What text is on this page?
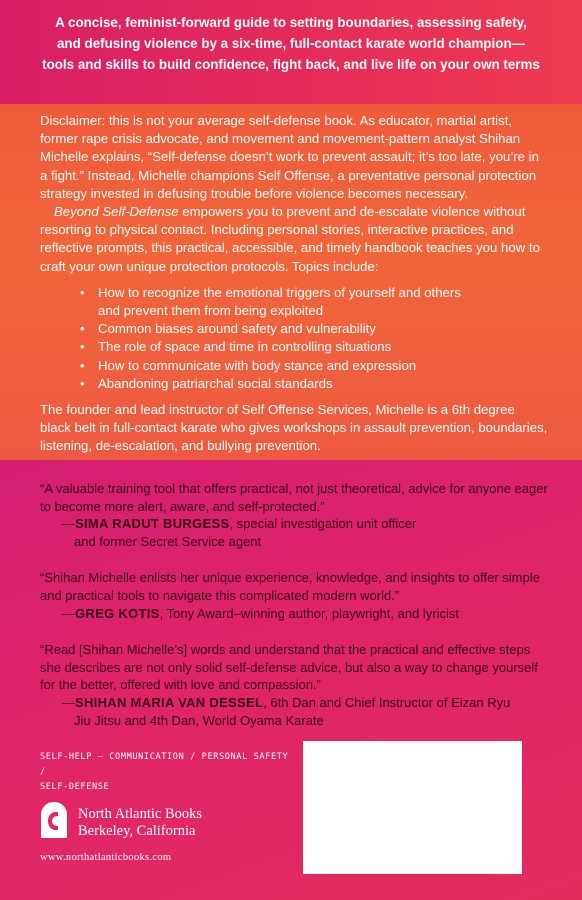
A concise, feminist-forward guide to setting boundaries, assessing safety,
and defusing violence by a six-time, full-contact karate world champion—
tools and skills to build confidence, fight back, and live life on your own terms

Disclaimer: this is not your average self-defense book. As educator, martial artist, former rape crisis advocate, and movement and movement-pattern analyst Shihan Michelle explains, “Self-defense doesn’t work to prevent assault; it’s too late, you’re in a fight.” Instead, Michelle champions Self Offense, a preventative personal protection strategy invested in defusing trouble before violence becomes necessary.

Beyond Self-Defense empowers you to prevent and de-escalate violence without resorting to physical contact. Including personal stories, interactive practices, and reflective prompts, this practical, accessible, and timely handbook teaches you how to craft your own unique protection protocols. Topics include:

• How to recognize the emotional triggers of yourself and others
and prevent them from being exploited
• Common biases around safety and vulnerability
• The role of space and time in controlling situations
• How to communicate with body stance and expression
• Abandoning patriarchal social standards

The founder and lead instructor of Self Offense Services, Michelle is a 6th degree black belt in full-contact karate who gives workshops in assault prevention, boundaries, listening, de-escalation, and bullying prevention.

“A valuable training tool that offers practical, not just theoretical, advice for anyone eager to become more alert, aware, and self-protected.”
—SIMA RADUT BURGESS, special investigation unit officer
and former Secret Service agent
“Shihan Michelle enlists her unique experience, knowledge, and insights to offer simple and practical tools to navigate this complicated modern world.”
—GREG KOTIS, Tony Award–winning author, playwright, and lyricist
“Read [Shihan Michelle’s] words and understand that the practical and effective steps she describes are not only solid self-defense advice, but also a way to change yourself for the better, offered with love and compassion.”
—SHIHAN MARIA VAN DESSEL, 6th Dan and Chief Instructor of Eizan Ryu
Jiu Jitsu and 4th Dan, World Oyama Karate
SELF-HELP – COMMUNICATION / PERSONAL SAFETY /
SELF-DEFENSE
North Atlantic Books
Berkeley, California
www.northatlanticbooks.com
